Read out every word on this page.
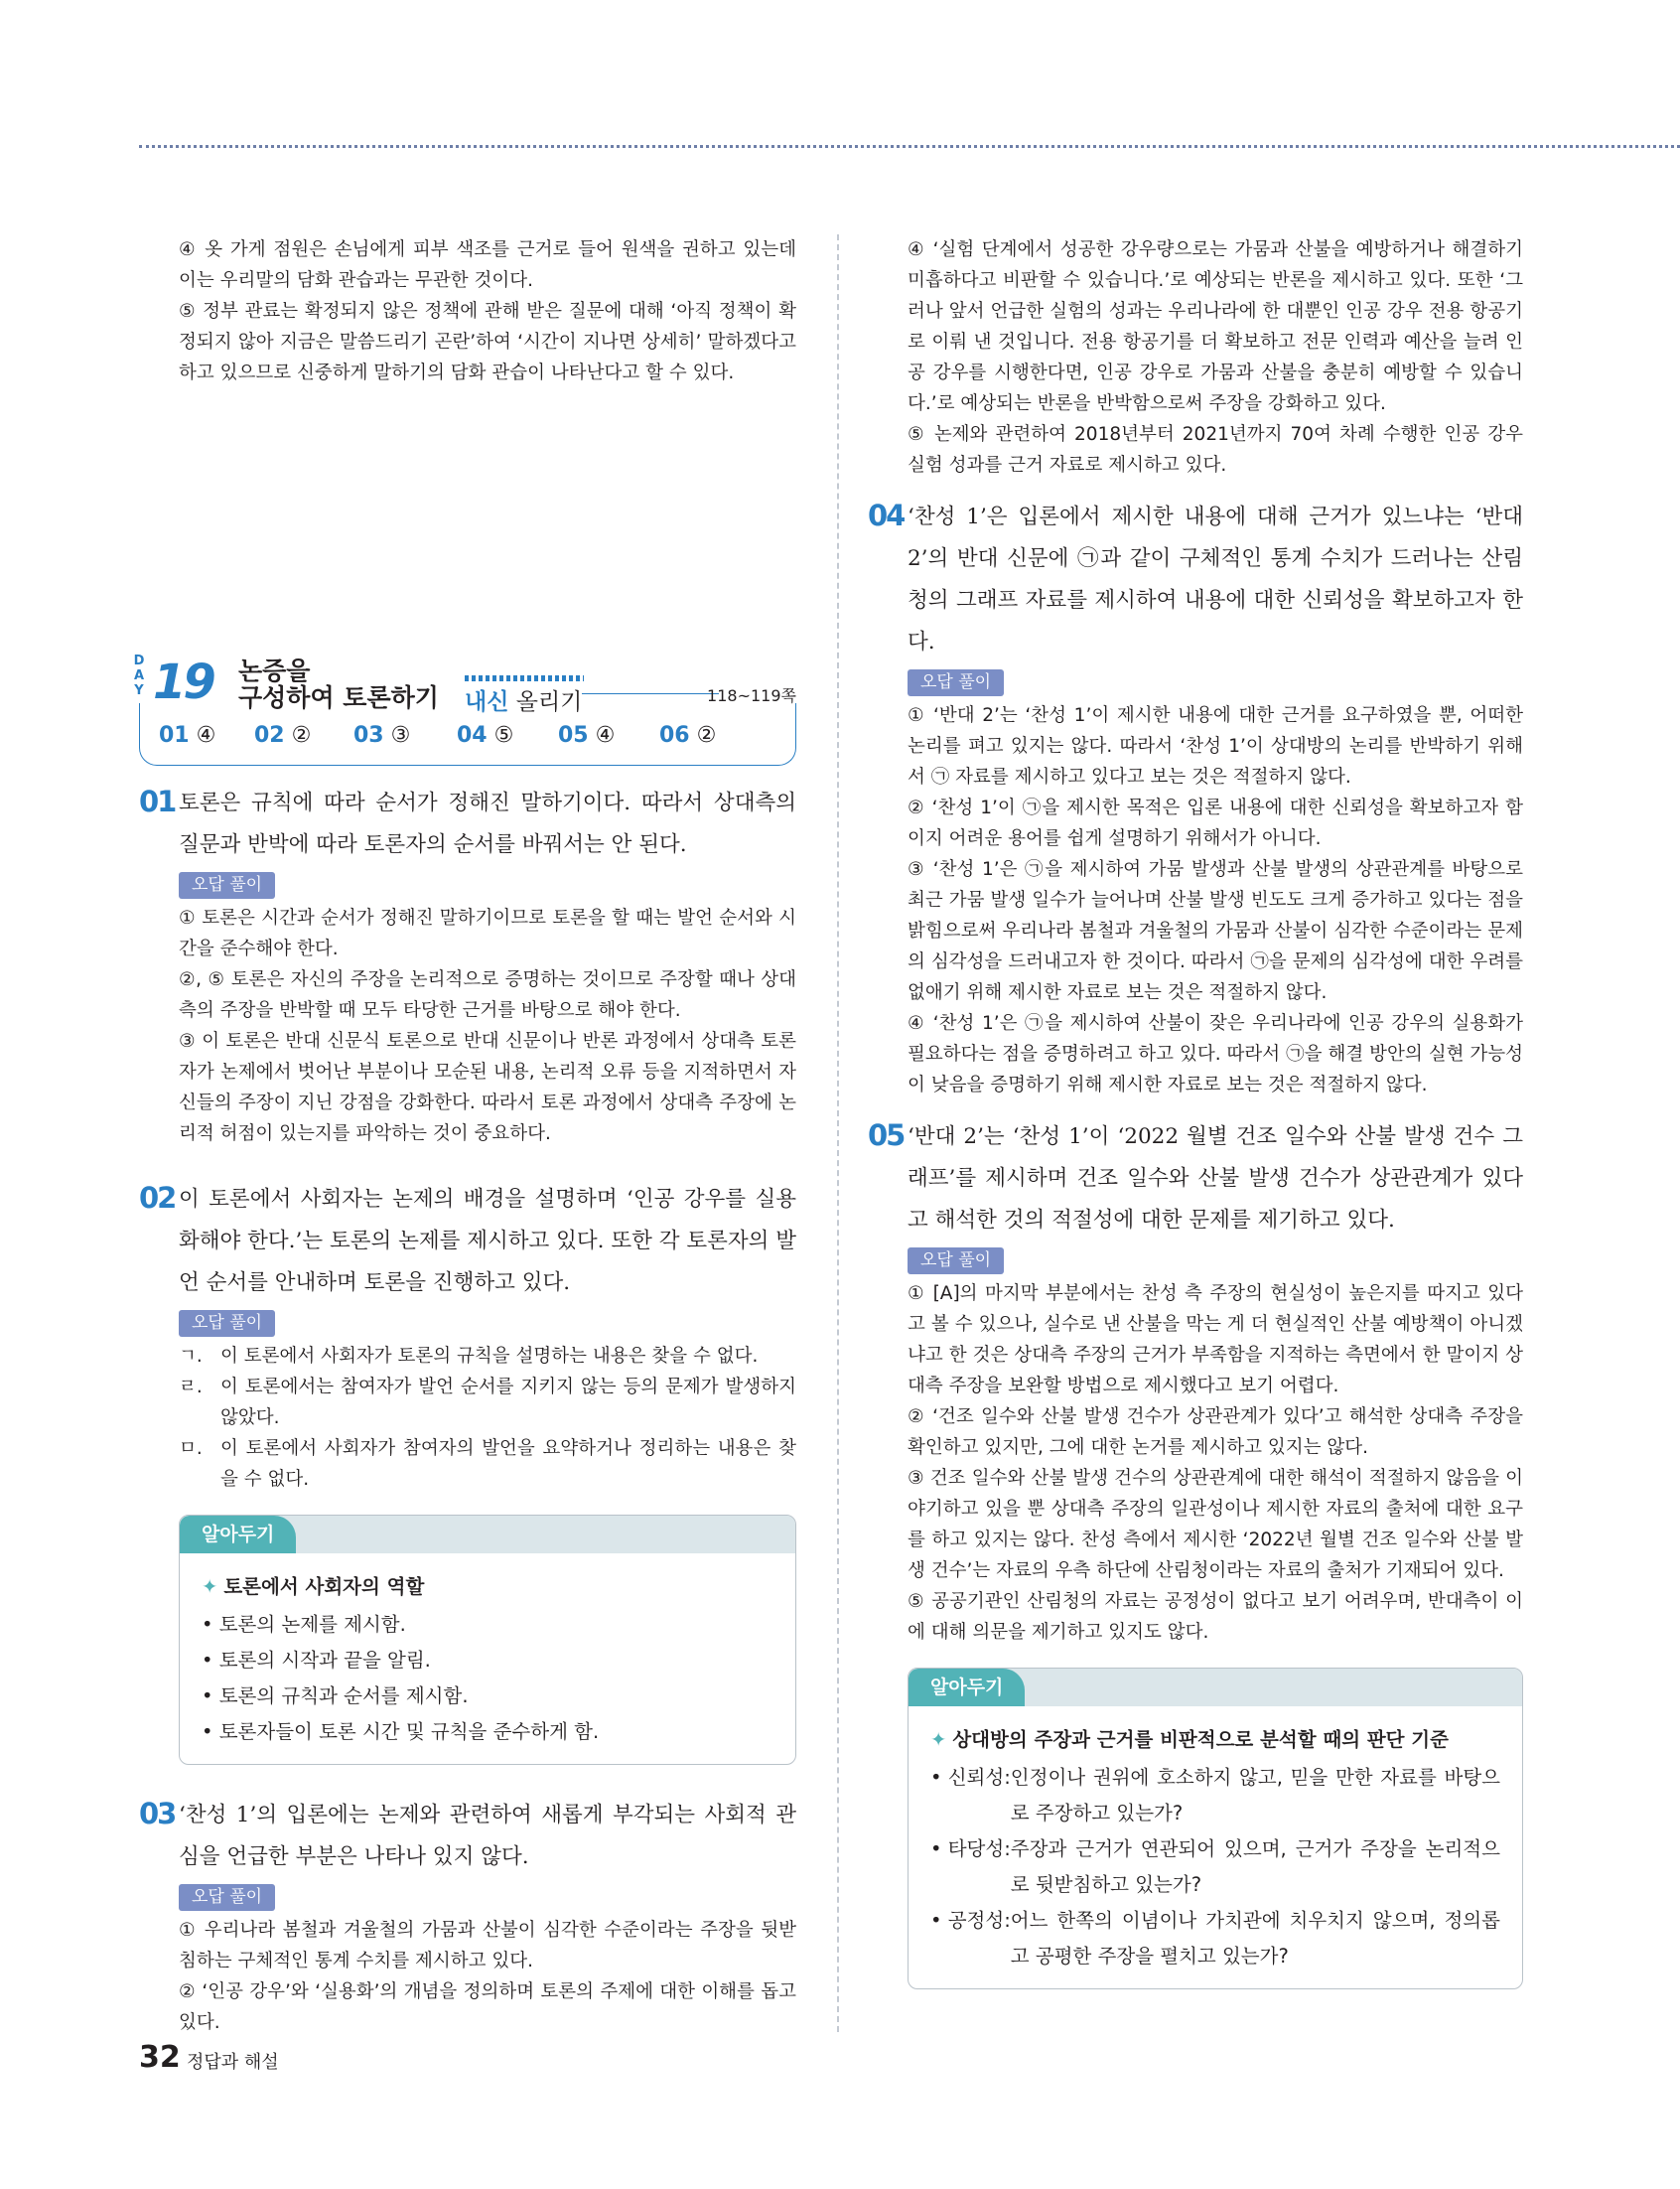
④ 옷 가게 점원은 손님에게 피부 색조를 근거로 들어 원색을 권하고 있는데 이는 우리말의 담화 관습과는 무관한 것이다.

⑤ 정부 관료는 확정되지 않은 정책에 관해 받은 질문에 대해 ‘아직 정책이 확정되지 않아 지금은 말씀드리기 곤란’하여 ‘시간이 지나면 상세히’ 말하겠다고 하고 있으므로 신중하게 말하기의 담화 관습이 나타난다고 할 수 있다.

D A Y 19 논증을
구성하여 토론하기 내신 올리기	118~119쪽
01 ④ 02 ② 03 ③ 04 ⑤ 05 ④ 06 ②
01 토론은 규칙에 따라 순서가 정해진 말하기이다. 따라서 상대측의 질문과 반박에 따라 토론자의 순서를 바꿔서는 안 된다.

오답 풀이

① 토론은 시간과 순서가 정해진 말하기이므로 토론을 할 때는 발언 순서와 시간을 준수해야 한다.

②, ⑤ 토론은 자신의 주장을 논리적으로 증명하는 것이므로 주장할 때나 상대측의 주장을 반박할 때 모두 타당한 근거를 바탕으로 해야 한다.

③ 이 토론은 반대 신문식 토론으로 반대 신문이나 반론 과정에서 상대측 토론자가 논제에서 벗어난 부분이나 모순된 내용, 논리적 오류 등을 지적하면서 자신들의 주장이 지닌 강점을 강화한다. 따라서 토론 과정에서 상대측 주장에 논리적 허점이 있는지를 파악하는 것이 중요하다.

02 이 토론에서 사회자는 논제의 배경을 설명하며 ‘인공 강우를 실용화해야 한다.’는 토론의 논제를 제시하고 있다. 또한 각 토론자의 발언 순서를 안내하며 토론을 진행하고 있다.

오답 풀이
ㄱ. 이 토론에서 사회자가 토론의 규칙을 설명하는 내용은 찾을 수 없다.
ㄹ. 이 토론에서는 참여자가 발언 순서를 지키지 않는 등의 문제가 발생하지 않았다.
ㅁ. 이 토론에서 사회자가 참여자의 발언을 요약하거나 정리하는 내용은 찾을 수 없다.
알아두기
✦ 토론에서 사회자의 역할
• 토론의 논제를 제시함.
• 토론의 시작과 끝을 알림.
• 토론의 규칙과 순서를 제시함.
• 토론자들이 토론 시간 및 규칙을 준수하게 함.
03 ‘찬성 1’의 입론에는 논제와 관련하여 새롭게 부각되는 사회적 관심을 언급한 부분은 나타나 있지 않다.

오답 풀이

① 우리나라 봄철과 겨울철의 가뭄과 산불이 심각한 수준이라는 주장을 뒷받침하는 구체적인 통계 수치를 제시하고 있다.

② ‘인공 강우’와 ‘실용화’의 개념을 정의하며 토론의 주제에 대한 이해를 돕고 있다.

④ ‘실험 단계에서 성공한 강우량으로는 가뭄과 산불을 예방하거나 해결하기 미흡하다고 비판할 수 있습니다.’로 예상되는 반론을 제시하고 있다. 또한 ‘그러나 앞서 언급한 실험의 성과는 우리나라에 한 대뿐인 인공 강우 전용 항공기로 이뤄 낸 것입니다. 전용 항공기를 더 확보하고 전문 인력과 예산을 늘려 인공 강우를 시행한다면, 인공 강우로 가뭄과 산불을 충분히 예방할 수 있습니다.’로 예상되는 반론을 반박함으로써 주장을 강화하고 있다.

⑤ 논제와 관련하여 2018년부터 2021년까지 70여 차례 수행한 인공 강우 실험 성과를 근거 자료로 제시하고 있다.

04 ‘찬성 1’은 입론에서 제시한 내용에 대해 근거가 있느냐는 ‘반대 2’의 반대 신문에 ㉠과 같이 구체적인 통계 수치가 드러나는 산림청의 그래프 자료를 제시하여 내용에 대한 신뢰성을 확보하고자 한다.

오답 풀이

① ‘반대 2’는 ‘찬성 1’이 제시한 내용에 대한 근거를 요구하였을 뿐, 어떠한 논리를 펴고 있지는 않다. 따라서 ‘찬성 1’이 상대방의 논리를 반박하기 위해서 ㉠ 자료를 제시하고 있다고 보는 것은 적절하지 않다.

② ‘찬성 1’이 ㉠을 제시한 목적은 입론 내용에 대한 신뢰성을 확보하고자 함이지 어려운 용어를 쉽게 설명하기 위해서가 아니다.

③ ‘찬성 1’은 ㉠을 제시하여 가뭄 발생과 산불 발생의 상관관계를 바탕으로 최근 가뭄 발생 일수가 늘어나며 산불 발생 빈도도 크게 증가하고 있다는 점을 밝힘으로써 우리나라 봄철과 겨울철의 가뭄과 산불이 심각한 수준이라는 문제의 심각성을 드러내고자 한 것이다. 따라서 ㉠을 문제의 심각성에 대한 우려를 없애기 위해 제시한 자료로 보는 것은 적절하지 않다.

④ ‘찬성 1’은 ㉠을 제시하여 산불이 잦은 우리나라에 인공 강우의 실용화가 필요하다는 점을 증명하려고 하고 있다. 따라서 ㉠을 해결 방안의 실현 가능성이 낮음을 증명하기 위해 제시한 자료로 보는 것은 적절하지 않다.

05 ‘반대 2’는 ‘찬성 1’이 ‘2022 월별 건조 일수와 산불 발생 건수 그래프’를 제시하며 건조 일수와 산불 발생 건수가 상관관계가 있다고 해석한 것의 적절성에 대한 문제를 제기하고 있다.

오답 풀이

① [A]의 마지막 부분에서는 찬성 측 주장의 현실성이 높은지를 따지고 있다고 볼 수 있으나, 실수로 낸 산불을 막는 게 더 현실적인 산불 예방책이 아니겠냐고 한 것은 상대측 주장의 근거가 부족함을 지적하는 측면에서 한 말이지 상대측 주장을 보완할 방법으로 제시했다고 보기 어렵다.

② ‘건조 일수와 산불 발생 건수가 상관관계가 있다’고 해석한 상대측 주장을 확인하고 있지만, 그에 대한 논거를 제시하고 있지는 않다.

③ 건조 일수와 산불 발생 건수의 상관관계에 대한 해석이 적절하지 않음을 이야기하고 있을 뿐 상대측 주장의 일관성이나 제시한 자료의 출처에 대한 요구를 하고 있지는 않다. 찬성 측에서 제시한 ‘2022년 월별 건조 일수와 산불 발생 건수’는 자료의 우측 하단에 산림청이라는 자료의 출처가 기재되어 있다.

⑤ 공공기관인 산림청의 자료는 공정성이 없다고 보기 어려우며, 반대측이 이에 대해 의문을 제기하고 있지도 않다.

알아두기
✦ 상대방의 주장과 근거를 비판적으로 분석할 때의 판단 기준
• 신뢰성: 인정이나 권위에 호소하지 않고, 믿을 만한 자료를 바탕으로 주장하고 있는가?
• 타당성: 주장과 근거가 연관되어 있으며, 근거가 주장을 논리적으로 뒷받침하고 있는가?
• 공정성: 어느 한쪽의 이념이나 가치관에 치우치지 않으며, 정의롭고 공평한 주장을 펼치고 있는가?
32 정답과 해설
